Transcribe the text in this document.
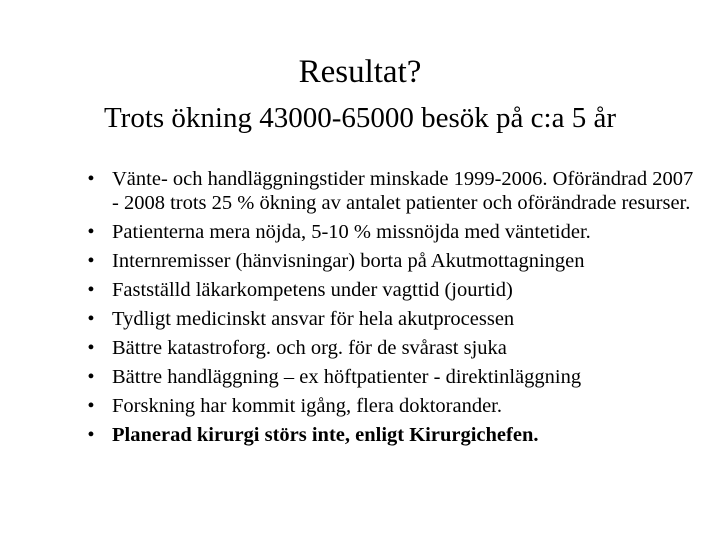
Resultat?
Trots ökning 43000-65000 besök på c:a 5 år
• Vänte- och handläggningstider minskade 1999-2006. Oförändrad 2007 - 2008 trots 25 % ökning av antalet patienter och oförändrade resurser.
• Patienterna mera nöjda, 5-10 % missnöjda med väntetider.
• Internremisser (hänvisningar) borta på Akutmottagningen
• Fastställd läkarkompetens under vagttid (jourtid)
• Tydligt medicinskt ansvar för hela akutprocessen
• Bättre katastroforg. och org. för de svårast sjuka
• Bättre handläggning – ex höftpatienter - direktinläggning
• Forskning har kommit igång, flera doktorander.
• Planerad kirurgi störs inte, enligt Kirurgichefen.
